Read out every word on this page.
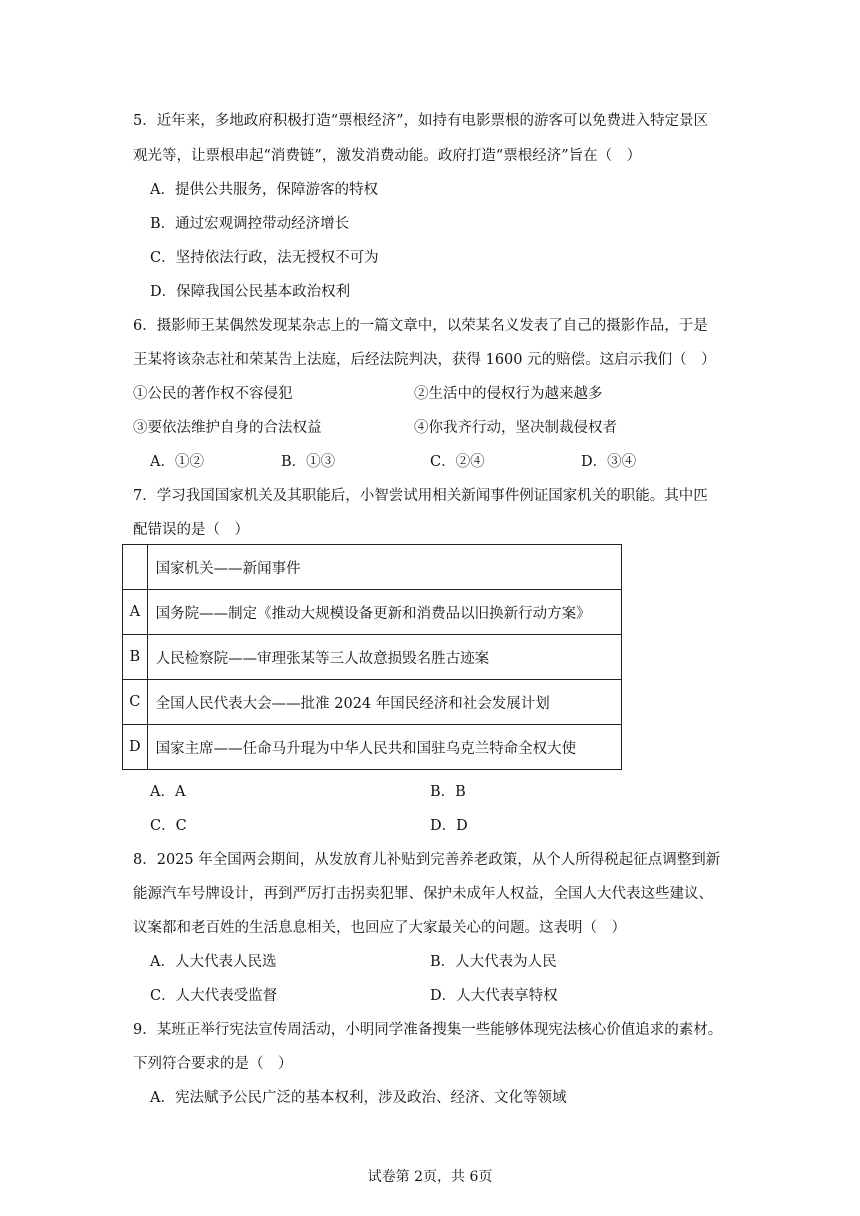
5．近年来，多地政府积极打造“票根经济”，如持有电影票根的游客可以免费进入特定景区
观光等，让票根串起“消费链”，激发消费动能。政府打造“票根经济”旨在（　）
A．提供公共服务，保障游客的特权
B．通过宏观调控带动经济增长
C．坚持依法行政，法无授权不可为
D．保障我国公民基本政治权利
6．摄影师王某偶然发现某杂志上的一篇文章中，以荣某名义发表了自己的摄影作品，于是
王某将该杂志社和荣某告上法庭，后经法院判决，获得 1600 元的赔偿。这启示我们（　）
①公民的著作权不容侵犯	②生活中的侵权行为越来越多
③要依法维护自身的合法权益	④你我齐行动，坚决制裁侵权者
A．①②	B．①③	C．②④	D．③④
7．学习我国国家机关及其职能后，小智尝试用相关新闻事件例证国家机关的职能。其中匹
配错误的是（　）
	国家机关——新闻事件
A	国务院——制定《推动大规模设备更新和消费品以旧换新行动方案》
B	人民检察院——审理张某等三人故意损毁名胜古迹案
C	全国人民代表大会——批准 2024 年国民经济和社会发展计划
D	国家主席——任命马升琨为中华人民共和国驻乌克兰特命全权大使
A．A	B．B
C．C	D．D
8．2025 年全国两会期间，从发放育儿补贴到完善养老政策，从个人所得税起征点调整到新
能源汽车号牌设计，再到严厉打击拐卖犯罪、保护未成年人权益，全国人大代表这些建议、
议案都和老百姓的生活息息相关，也回应了大家最关心的问题。这表明（　）
A．人大代表人民选	B．人大代表为人民
C．人大代表受监督	D．人大代表享特权
9．某班正举行宪法宣传周活动，小明同学准备搜集一些能够体现宪法核心价值追求的素材。
下列符合要求的是（　）
A．宪法赋予公民广泛的基本权利，涉及政治、经济、文化等领域
试卷第 2页，共 6页
